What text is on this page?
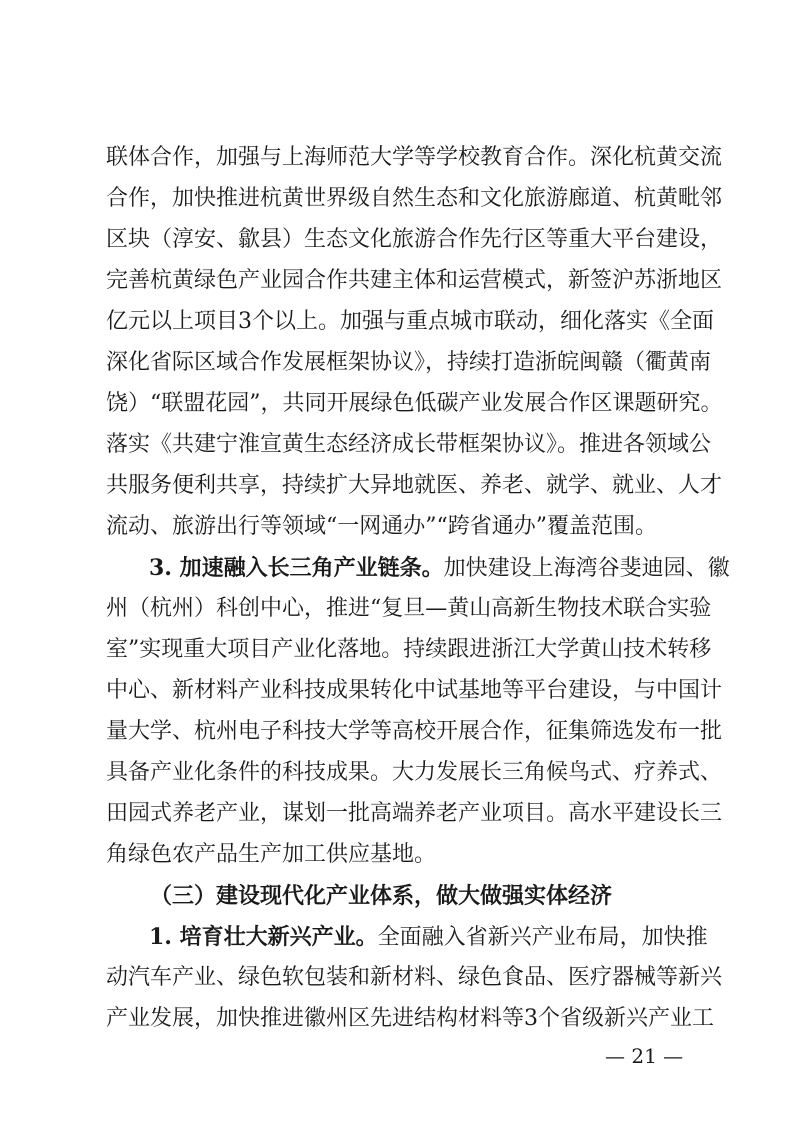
联体合作，加强与上海师范大学等学校教育合作。深化杭黄交流
合作，加快推进杭黄世界级自然生态和文化旅游廊道、杭黄毗邻
区块（淳安、歙县）生态文化旅游合作先行区等重大平台建设，
完善杭黄绿色产业园合作共建主体和运营模式，新签沪苏浙地区
亿元以上项目3个以上。加强与重点城市联动，细化落实《全面
深化省际区域合作发展框架协议》，持续打造浙皖闽赣（衢黄南
饶）“联盟花园”，共同开展绿色低碳产业发展合作区课题研究。
落实《共建宁淮宣黄生态经济成长带框架协议》。推进各领域公
共服务便利共享，持续扩大异地就医、养老、就学、就业、人才
流动、旅游出行等领域“一网通办”“跨省通办”覆盖范围。
3. 加速融入长三角产业链条。加快建设上海湾谷斐迪园、徽
州（杭州）科创中心，推进“复旦—黄山高新生物技术联合实验
室”实现重大项目产业化落地。持续跟进浙江大学黄山技术转移
中心、新材料产业科技成果转化中试基地等平台建设，与中国计
量大学、杭州电子科技大学等高校开展合作，征集筛选发布一批
具备产业化条件的科技成果。大力发展长三角候鸟式、疗养式、
田园式养老产业，谋划一批高端养老产业项目。高水平建设长三
角绿色农产品生产加工供应基地。
（三）建设现代化产业体系，做大做强实体经济
1. 培育壮大新兴产业。全面融入省新兴产业布局，加快推
动汽车产业、绿色软包装和新材料、绿色食品、医疗器械等新兴
产业发展，加快推进徽州区先进结构材料等3个省级新兴产业工
— 21 —
